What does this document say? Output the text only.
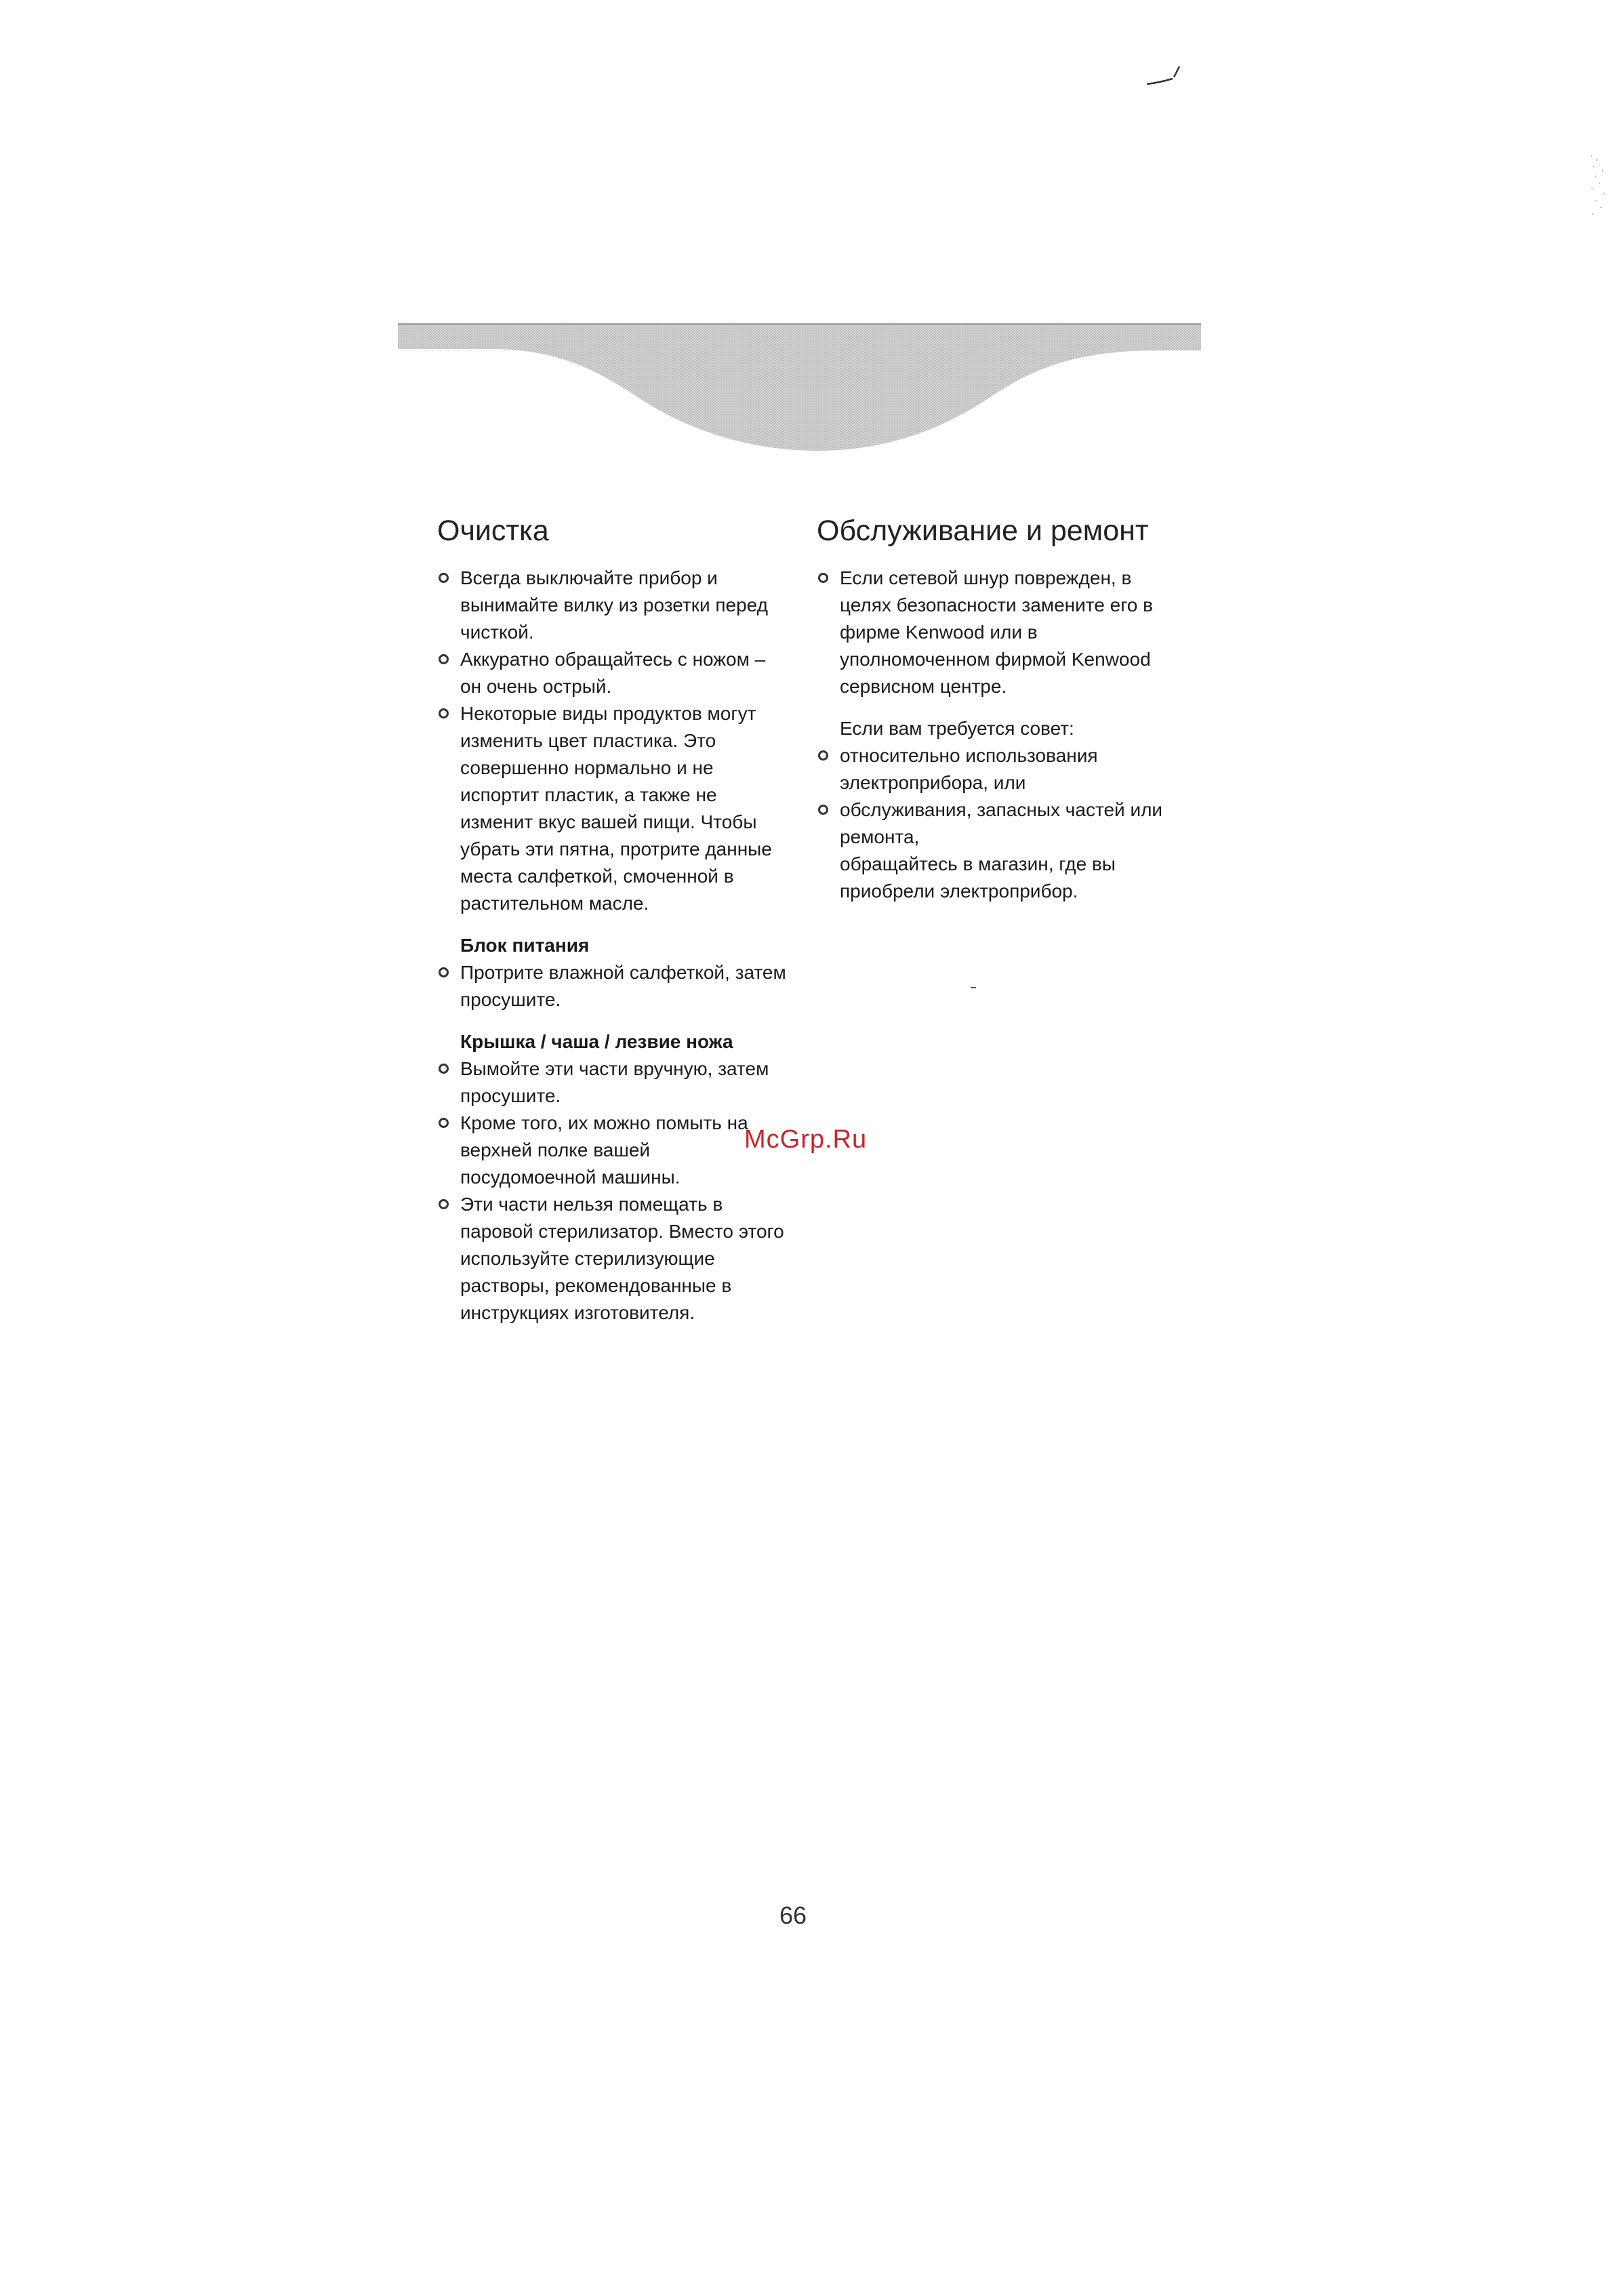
Очистка
Всегда выключайте прибор и вынимайте вилку из розетки перед чисткой.
Аккуратно обращайтесь с ножом – он очень острый.
Некоторые виды продуктов могут изменить цвет пластика. Это совершенно нормально и не испортит пластик, а также не изменит вкус вашей пищи. Чтобы убрать эти пятна, протрите данные места салфеткой, смоченной в растительном масле.
Блок питания
Протрите влажной салфеткой, затем просушите.
Крышка / чаша / лезвие ножа
Вымойте эти части вручную, затем просушите.
Кроме того, их можно помыть на верхней полке вашей посудомоечной машины.
Эти части нельзя помещать в паровой стерилизатор. Вместо этого используйте стерилизующие растворы, рекомендованные в инструкциях изготовителя.
Обслуживание и ремонт
Если сетевой шнур поврежден, в целях безопасности замените его в фирме Kenwood или в уполномоченном фирмой Kenwood сервисном центре.
Если вам требуется совет:
относительно использования электроприбора, или
обслуживания, запасных частей или ремонта,
обращайтесь в магазин, где вы приобрели электроприбор.
McGrp.Ru
66
